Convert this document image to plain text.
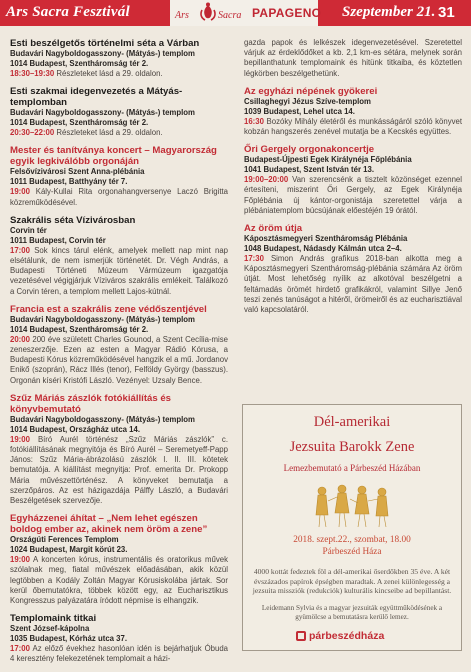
Ars Sacra Fesztivál	Ars	Sacra PAPAGENO Szeptember 21. 31
Esti beszélgetős történelmi séta a Várban
Budavári Nagyboldogasszony- (Mátyás-) templom
1014 Budapest, Szentháromság tér 2.
18:30–19:30 Részleteket lásd a 29. oldalon.
Esti szakmai idegenvezetés a Mátyás-templomban
Budavári Nagyboldogasszony- (Mátyás-) templom
1014 Budapest, Szentháromság tér 2.
20:30–22:00 Részleteket lásd a 29. oldalon.
Mester és tanítványa koncert – Magyarország egyik legkiválóbb orgonáján
Felsővízivárosi Szent Anna-plébánia
1011 Budapest, Batthyány tér 7.
19:00 Kály-Kullai Rita orgonahangversenye Laczó Brigitta közreműködésével.
Szakrális séta Vízivárosban
Corvin tér
1011 Budapest, Corvin tér
17:00 Sok kincs tárul elénk, amelyek mellett nap mint nap elsétálunk, de nem ismerjük történetét. Dr. Végh András, a Budapesti Történeti Múzeum Vármúzeum igazgatója vezetésével végigjárjuk Víziváros szakrális emlékeit. Találkozó a Corvin téren, a templom mellett Lajos-kútnál.
Francia est a szakrális zene védőszentjével
Budavári Nagyboldogasszony- (Mátyás-) templom
1014 Budapest, Szentháromság tér 2.
20:00 200 éve született Charles Gounod, a Szent Cecília-mise zeneszerzője. Ezen az esten a Magyar Rádió Kórusa, a Budapesti Kórus közreműködésével hangzik el a mű. Jordanov Enikő (szoprán), Rácz Illés (tenor), Felföldy György (basszus). Orgonán kíséri Kristófi László. Vezényel: Uzsaly Bence.
Szűz Máriás zászlók fotókiállítás és könyvbemutató
Budavári Nagyboldogasszony- (Mátyás-) templom
1014 Budapest, Országház utca 14.
19:00 Bíró Aurél történész „Szűz Máriás zászlók” c. fotókiállításának megnyitója és Bíró Aurél – Seremetyeff-Papp János: Szűz Mária-ábrázolású zászlók I. II. III. kötetek bemutatója. A kiállítást megnyitja: Prof. emerita Dr. Prokopp Mária művészettörténész. A könyveket bemutatja a szerzőpáros. Az est házigazdája Pálffy László, a Budavári Beszélgetések szervezője.
Egyházzenei áhítat – „Nem lehet egészen boldog ember az, akinek nem öröm a zene”
Országúti Ferences Templom
1024 Budapest, Margit körút 23.
19:00 A koncerten kórus, instrumentális és oratorikus művek szólalnak meg, fiatal művészek előadásában, akik közül legtöbben a Kodály Zoltán Magyar Kórusiskolába jártak. Sor kerül őbemutatókra, többek között egy, az Eucharisztikus Kongresszus palyázatára íródott népmise is elhangzik.
Templomaink titkai
Szent József-kápolna
1035 Budapest, Kórház utca 37.
17:00 Az előző évekhez hasonlóan idén is bejárhatjuk Óbuda 4 keresztény felekezetének templomait a házi-
gazda papok és lelkészek idegenvezetésével. Szeretettel várjuk az érdeklődőket a kb. 2,1 km-es sétára, melynek során bepillanthatunk templomaink és hitünk titkaiba, és köztetlen légkörben beszélgethetünk.
Az egyházi népének gyökerei
Csillaghegyi Jézus Szíve-templom
1039 Budapest, Lehel utca 14.
16:30 Bozóky Mihály életéről és munkásságáról szóló könyvet kobzán hangszerés zenével mutatja be a Kecskés együttes.
Őri Gergely orgonakoncertje
Budapest-Újpesti Egek Királynéja Főplébánia
1041 Budapest, Szent István tér 13.
19:00–20:00 Van szerencsénk a tisztelt közönséget ezennel értesíteni, miszerint Őri Gergely, az Egek Királynéja Főplébánia új kántor-orgonistája szeretettel várja a plébániatemplom búcsújának előestéjén 19 órától.
Az öröm útja
Káposztásmegyeri Szentháromság Plébánia
1048 Budapest, Nádasdy Kálmán utca 2–4.
17:30 Simon András grafikus 2018-ban alkotta meg a Káposztásmegyeri Szentháromság-plébánia számára Az öröm útját. Most lehetőség nyílik az alkotóval beszélgetni a feltámadás örömét hirdető grafikákról, valamint Sillye Jenő teszi zenés tanúságot a hitéről, örömeiről és az eucharisztiával való kapcsolatáról.
Dél-amerikai
Jezsuita Barokk Zene
Lemezbemutató a Párbeszéd Házában
2018. szept.22., szombat, 18.00
Párbeszéd Háza
4000 kottát fedeztek föl a dél-amerikai őserdőkben 35 éve. A két évszázados papírok épségben maradtak. A zenei különlegesség a jezsuita missziók (redukciók) kulturális kincseibe ad bepillantást.
Leidemann Sylvia és a magyar jezsuiták együttműködésének a gyümölcse a bemutatásra kerülő lemez.
párbeszédháza
